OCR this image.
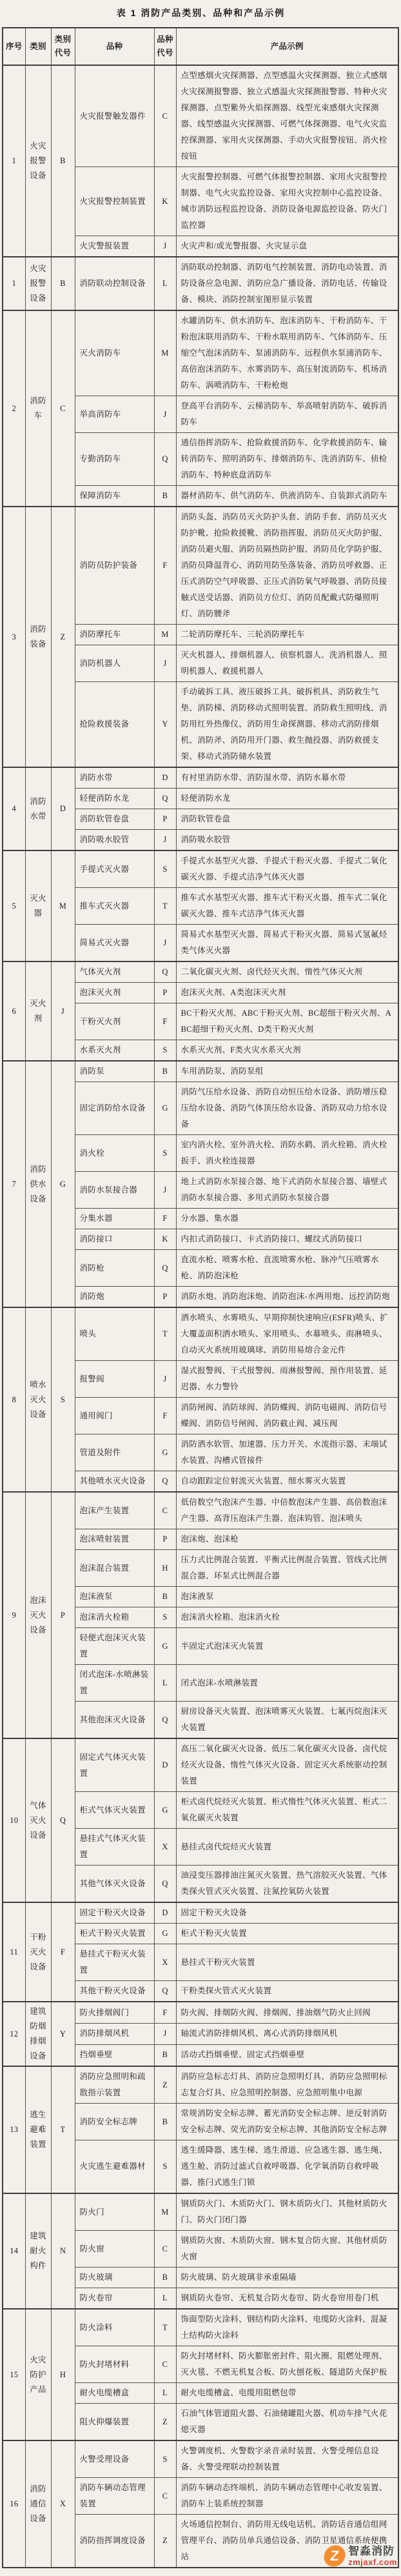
表 1 消防产品类别、品种和产品示例
序号	类别	类别代号	品种	品种代号	产品示例
1	火灾报警设备	B	火灾报警触发器件	C	点型感烟火灾探测器、点型感温火灾探测器、独立式感烟火灾探测报警器、独立式感温火灾探测报警器、特种火灾探测器、点型紫外火焰探测器、线型光束感烟火灾探测器、线型感温火灾探测器、可燃气体探测器、电气火灾监控探测器、家用火灾探测器、手动火灾报警按钮、消火栓按钮
			火灾报警控制装置	K	火灾报警控制器、可燃气体报警控制器、家用火灾报警控制器、电气火灾监控设备、家用火灾控制中心监控设备、城市消防远程监控设备、消防设备电源监控设备、防火门监控器
			火灾警报装置	J	火灾声和/或光警报器、火灾显示盘
1	火灾报警设备	B	消防联动控制设备	L	消防联动控制器、消防电气控制装置、消防电动装置、消防设备应急电源、消防应急广播设备、消防电话、传输设备、模块、消防控制室图形显示装置
2	消防车	C	灭火消防车	M	水罐消防车、供水消防车、泡沫消防车、干粉消防车、干粉泡沫联用消防车、干粉水联用消防车、气体消防车、压缩空气泡沫消防车、泵浦消防车、远程供水泵浦消防车、高倍泡沫消防车、水雾消防车、高压射流消防车、机场消防车、涡喷消防车、干粉枪炮
			举高消防车	J	登高平台消防车、云梯消防车、举高喷射消防车、破拆消防车
			专勤消防车	Q	通信指挥消防车、抢险救援消防车、化学救援消防车、输转消防车、照明消防车、排烟消防车、洗消消防车、侦检消防车、特种底盘消防车
			保障消防车	B	器材消防车、供气消防车、供液消防车、自装卸式消防车
3	消防装备	Z	消防员防护装备	F	消防头盔、消防员灭火防护头套、消防手套、消防员灭火防护靴、抢险救援靴、消防指挥服、消防员灭火防护服、消防员避火服、消防员隔热防护服、消防员化学防护服、消防员降温背心、消防用防坠落装备、消防员呼救器、正压式消防空气呼吸器、正压式消防氧气呼吸器、消防员接触式送受话器、消防员方位灯、消防员配戴式防爆照明灯、消防腰斧
			消防摩托车	M	二轮消防摩托车、三轮消防摩托车
			消防机器人	J	灭火机器人、排烟机器人、侦察机器人、洗消机器人、照明机器人、救援机器人
			抢险救援装备	Y	手动破拆工具、液压破拆工具、破拆机具、消防救生气垫、消防梯、消防移动式照明装置、消防救生照明线、消防用红外热像仪、消防用生命探测器、移动式消防排烟机、消防斧、消防用开门器、救生抛投器、消防救援支架、移动式消防储水装置
4	消防水带	D	消防水带	D	有衬里消防水带、消防湿水带、消防水幕水带
			轻便消防水龙	Q	轻便消防水龙
			消防软管卷盘	P	消防软管卷盘
			消防吸水胶管	J	消防吸水胶管
5	灭火器	M	手提式灭火器	S	手提式水基型灭火器、手提式干粉灭火器、手提式二氧化碳灭火器、手提式洁净气体灭火器
			推车式灭火器	T	推车式水基型灭火器、推车式干粉灭火器、推车式二氧化碳灭火器、推车式洁净气体灭火器
			简易式灭火器	J	简易式水基型灭火器、简易式干粉灭火器、简易式氢氟烃类气体灭火器
6	灭火剂	J	气体灭火剂	Q	二氧化碳灭火剂、卤代烃灭火剂、惰性气体灭火剂
			泡沫灭火剂	P	泡沫灭火剂、A类泡沫灭火剂
			干粉灭火剂	F	BC干粉灭火剂、ABC干粉灭火剂、BC超细干粉灭火剂、ABC超细干粉灭火剂、D类干粉灭火剂
			水系灭火剂	S	水系灭火剂、F类火灾水系灭火剂
7	消防供水设备	G	消防泵	B	车用消防泵、消防泵组
			固定消防给水设备	G	消防气压给水设备、消防自动恒压给水设备、消防增压稳压给水设备、消防气体顶压给水设备、消防双动力给水设备
			消火栓	S	室内消火栓、室外消火栓、消防水鹤、消火栓箱、消火栓扳手、消火栓连接器
			消防水泵接合器	J	地上式消防水泵接合器、地下式消防水泵接合器、墙壁式消防水泵接合器、多用式消防水泵接合器
			分集水器	F	分水器、集水器
			消防接口	K	内扣式消防接口、卡式消防接口、螺纹式消防接口
			消防枪	Q	直流水枪、喷雾水枪、直流喷雾水枪、脉冲气压喷雾水枪、消防泡沫枪
			消防炮	P	消防水炮、消防泡沫炮、消防泡沫-水两用炮、远控消防炮
8	喷水灭火设备	S	喷头	T	洒水喷头、水雾喷头、早期抑制快速响应(ESFR)喷头、扩大覆盖面积洒水喷头、家用喷头、水幕喷头、雨淋喷头、自动灭火系统用玻璃球、消防用易熔合金元件
			报警阀	J	湿式报警阀、干式报警阀、雨淋报警阀、预作用装置、延迟器、水力警铃
			通用阀门	F	消防闸阀、消防球阀、消防蝶阀、消防电磁阀、消防信号蝶阀、消防信号闸阀、消防截止阀、减压阀
			管道及附件	G	消防洒水软管、加速器、压力开关、水流指示器、末端试水装置、沟槽式管接件
			其他喷水灭火设备	Q	自动跟踪定位射流灭火装置、细水雾灭火装置
9	泡沫灭火设备	P	泡沫产生装置	C	低倍数空气泡沫产生器、中倍数泡沫产生器、高倍数泡沫产生器、高背压泡沫产生器、泡沫钩管、泡沫喷头
			泡沫喷射装置	P	泡沫炮、泡沫枪
			泡沫混合装置	H	压力式比例混合装置、平衡式比例混合装置、管线式比例混合器、环泵式比例混合器
			泡沫液泵	B	泡沫液泵
			泡沫消火栓箱	S	泡沫消火栓箱、泡沫消火栓
			轻便式泡沫灭火装置	G	半固定式泡沫灭火装置
			闭式泡沫-水喷淋装置	L	闭式泡沫-水喷淋装置
			其他泡沫灭火设备	Q	厨房设备灭火装置、泡沫喷雾灭火装置、七氟丙烷泡沫灭火装置
10	气体灭火设备	Q	固定式气体灭火装置	D	高压二氧化碳灭火设备、低压二氧化碳灭火设备、卤代烷烃灭火设备、惰性气体灭火设备、固定灭火系统驱动控制装置
			柜式气体灭火装置	G	柜式卤代烷烃灭火装置、柜式惰性气体灭火装置、柜式二氧化碳灭火装置
			悬挂式气体灭火装置	X	悬挂式卤代烷烃灭火装置
			其他气体灭火设备	Q	油浸变压器排油注氮灭火装置、热气溶胶灭火装置、气体类探火管式灭火装置、注氮控氧防火装置
11	干粉灭火设备	F	固定干粉灭火设备	D	固定干粉灭火设备
			柜式干粉灭火装置	G	柜式干粉灭火装置
			悬挂式干粉灭火装置	X	悬挂式干粉灭火装置
			其他干粉灭火设备	Q	干粉类探火管式灭火装置
12	建筑防烟排烟设备	Y	防火排烟阀门	F	防火阀、排烟防火阀、排烟阀、排油烟气防火止回阀
			消防排烟风机	J	轴流式消防排烟风机、离心式消防排烟风机
			挡烟垂壁	B	活动式挡烟垂壁、固定式挡烟垂壁
13	逃生避难装置	T	消防应急照明和疏散指示装置	Z	消防应急标志灯具、消防应急照明灯具、消防应急照明标志复合灯具、应急照明控制器、应急照明集中电源
			消防安全标志牌	B	常规消防安全标志牌、蓄光消防安全标志牌、逆反射消防安全标志牌、荧光消防安全标志牌、其他消防安全标志牌
			火灾逃生避难器材	S	逃生缓降器、逃生梯、逃生滑道、应急逃生器、逃生绳、逃生舱、消防过滤式自救呼吸器、化学氧消防自救呼吸器、推闩式逃生门锁
14	建筑耐火构件	N	防火门	M	钢质防火门、木质防火门、钢木质防火门、其他材质防火门、防火门闭门器
			防火窗	C	钢质防火窗、木质防火窗、钢木复合防火窗、其他材质防火窗
			防火玻璃	B	防火玻璃、防火玻璃非承重隔墙
			防火卷帘	L	钢质防火卷帘、无机复合防火卷帘、防火卷帘用卷门机
15	火灾防护产品	H	防火涂料	T	饰面型防火涂料、钢结构防火涂料、电缆防火涂料、混凝土结构防火涂料
			防火封堵材料	C	防火封堵材料、防火膨胀密封件、阻火圈、阻燃处理剂、灭火毯、不燃无机复合板、防火刨花板、隧道防火保护板
			耐火电缆槽盒	L	耐火电缆槽盒、电缆用阻燃包带
			阻火抑爆装置	Z	石油气体管道阻火器、石油储罐阻火器、机动车排气火花熄灭器
16	消防通信设备	X	火警受理设备	S	火警调度机、火警数字录音录时装置、火警受理信息设备、火警受理联动控制装置
			消防车辆动态管理装置	C	消防车辆动态终端机、消防车辆动态管理中心收发装置、消防车上装系统控制器
			消防指挥调度设备	Z	火场通信控制台、消防用无线电话机、消防话音通信组网管理平台、消防员单兵通信设备、消防卫星通信系统便携站	Z 智淼消防
zmjaxf.com
